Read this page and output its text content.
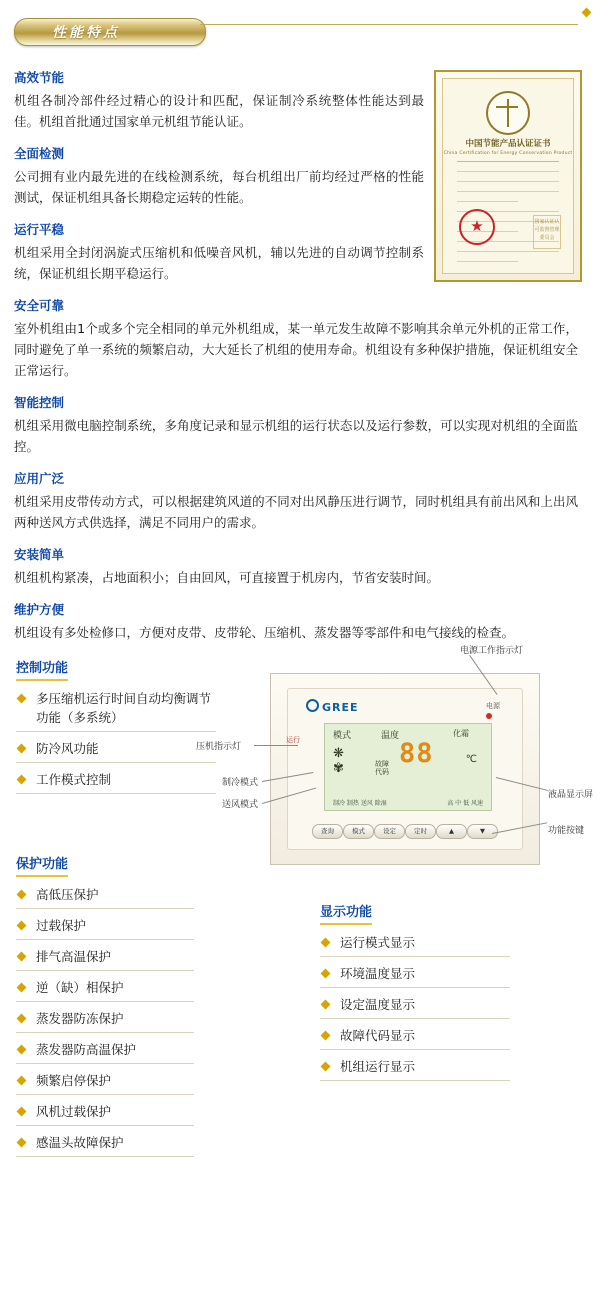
性能特点
中国节能产品认证证书
China Certification for Energy Conservation Product
★	国家认证认可监督管理委员会
高效节能
机组各制冷部件经过精心的设计和匹配，保证制冷系统整体性能达到最佳。机组首批通过国家单元机组节能认证。
全面检测
公司拥有业内最先进的在线检测系统，每台机组出厂前均经过严格的性能测试，保证机组具备长期稳定运转的性能。
运行平稳
机组采用全封闭涡旋式压缩机和低噪音风机，辅以先进的自动调节控制系统，保证机组长期平稳运行。
安全可靠
室外机组由1个或多个完全相同的单元外机组成，某一单元发生故障不影响其余单元外机的正常工作，同时避免了单一系统的频繁启动，大大延长了机组的使用寿命。机组设有多种保护措施，保证机组安全正常运行。
智能控制
机组采用微电脑控制系统，多角度记录和显示机组的运行状态以及运行参数，可以实现对机组的全面监控。
应用广泛
机组采用皮带传动方式，可以根据建筑风道的不同对出风静压进行调节，同时机组具有前出风和上出风两种送风方式供选择，满足不同用户的需求。
安装简单
机组机构紧凑，占地面积小；自由回风，可直接置于机房内，节省安装时间。
维护方便
机组设有多处检修口，方便对皮带、皮带轮、压缩机、蒸发器等零部件和电气接线的检查。
控制功能
多压缩机运行时间自动均衡调节功能（多系统）
防冷风功能
工作模式控制
保护功能
高低压保护
过载保护
排气高温保护
逆（缺）相保护
蒸发器防冻保护
蒸发器防高温保护
频繁启停保护
风机过载保护
感温头故障保护
显示功能
运行模式显示
环境温度显示
设定温度显示
故障代码显示
机组运行显示
GREE	电源
模式	温度	化霜
88	℃
故障代码
❋
✾
制冷 制热 送风 除湿	高 中 低 风速
查询	模式	设定	定时	▲	▼
电源工作指示灯
压机指示灯
制冷模式
送风模式
液晶显示屏
功能按键
运行
